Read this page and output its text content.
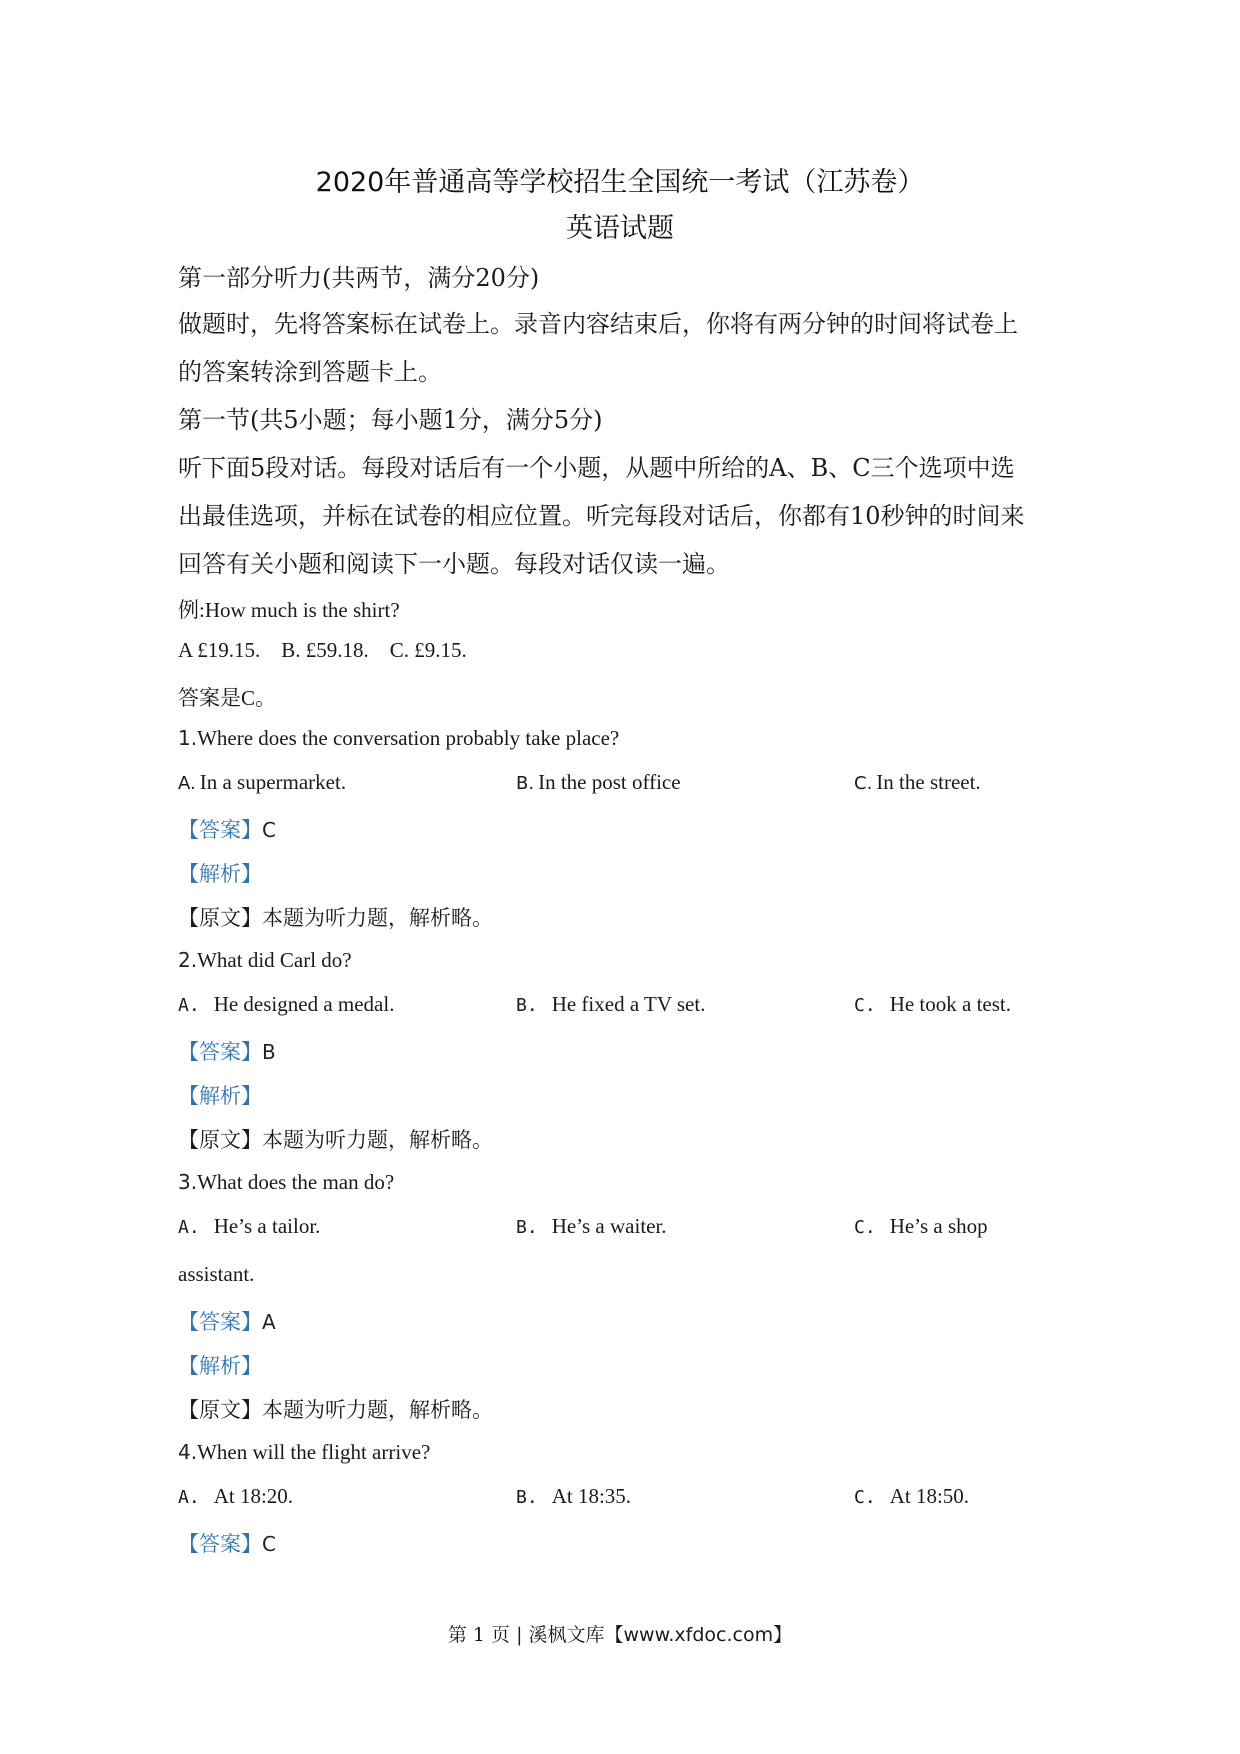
2020年普通高等学校招生全国统一考试（江苏卷）
英语试题
第一部分听力(共两节，满分20分)
做题时，先将答案标在试卷上。录音内容结束后，你将有两分钟的时间将试卷上
的答案转涂到答题卡上。
第一节(共5小题；每小题1分，满分5分)
听下面5段对话。每段对话后有一个小题，从题中所给的A、B、C三个选项中选
出最佳选项，并标在试卷的相应位置。听完每段对话后，你都有10秒钟的时间来
回答有关小题和阅读下一小题。每段对话仅读一遍。
例:How much is the shirt?
A £19.15.    B. £59.18.    C. £9.15.
答案是C。
1.Where does the conversation probably take place?
A. In a supermarket.	B. In the post office	C. In the street.
【答案】C
【解析】
【原文】本题为听力题，解析略。
2.What did Carl do?
A. He designed a medal.	B. He fixed a TV set.	C. He took a test.
【答案】B
【解析】
【原文】本题为听力题，解析略。
3.What does the man do?
A. He’s a tailor.	B. He’s a waiter.	C. He’s a shop
assistant.
【答案】A
【解析】
【原文】本题为听力题，解析略。
4.When will the flight arrive?
A. At 18:20.	B. At 18:35.	C. At 18:50.
【答案】C
第 1 页 | 溪枫文库【www.xfdoc.com】
